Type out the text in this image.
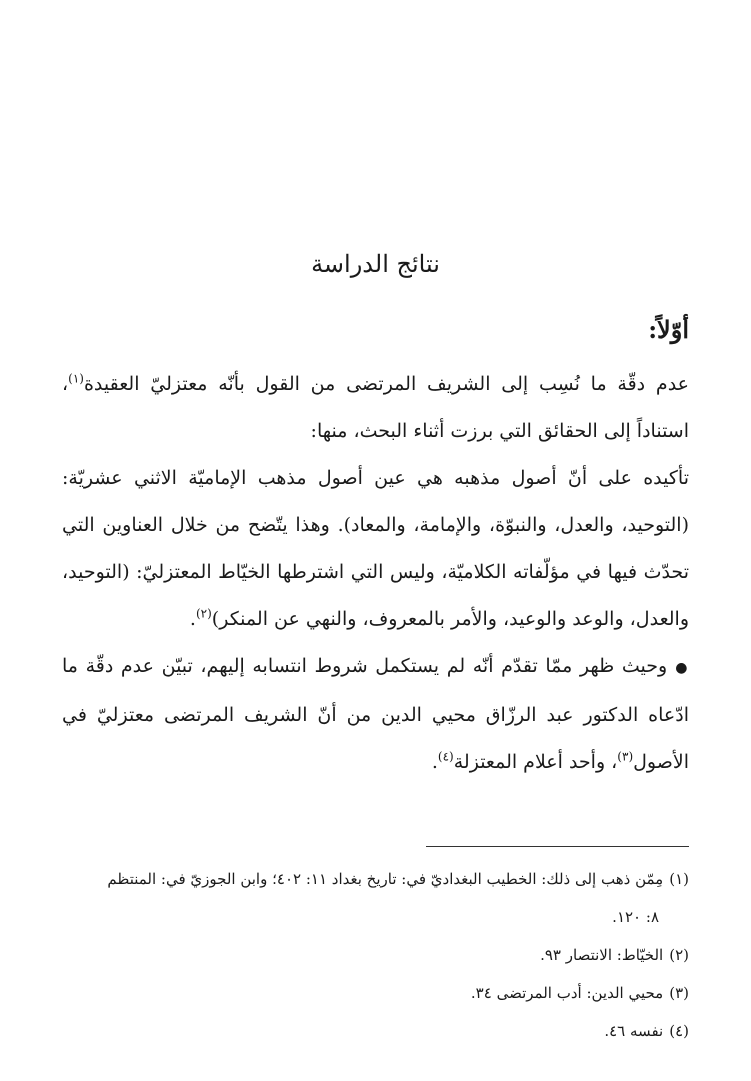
نتائج الدراسة
أوّلاً:

عدم دقّة ما نُسِب إلى الشريف المرتضى من القول بأنّه معتزليّ العقيدة$^{(١)}$، استناداً إلى الحقائق التي برزت أثناء البحث، منها:

تأكيده على أنّ أصول مذهبه هي عين أصول مذهب الإماميّة الاثني عشريّة: (التوحيد، والعدل، والنبوّة، والإمامة، والمعاد). وهذا يتّضح من خلال العناوين التي تحدّث فيها في مؤلّفاته الكلاميّة، وليس التي اشترطها الخيّاط المعتزليّ: (التوحيد، والعدل، والوعد والوعيد، والأمر بالمعروف، والنهي عن المنكر)$^{(٢)}$.

●وحيث ظهر ممّا تقدّم أنّه لم يستكمل شروط انتسابه إليهم، تبيّن عدم دقّة ما ادّعاه الدكتور عبد الرزّاق محيي الدين من أنّ الشريف المرتضى معتزليّ في الأصول$^{(٣)}$، وأحد أعلام المعتزلة$^{(٤)}$.

(١)مِمّن ذهب إلى ذلك: الخطيب البغداديّ في: تاريخ بغداد ١١: ٤٠٢؛ وابن الجوزيّ في: المنتظم

٨: ١٢٠.

(٢)الخيّاط: الانتصار ٩٣.

(٣)محيي الدين: أدب المرتضى ٣٤.

(٤)نفسه ٤٦.
